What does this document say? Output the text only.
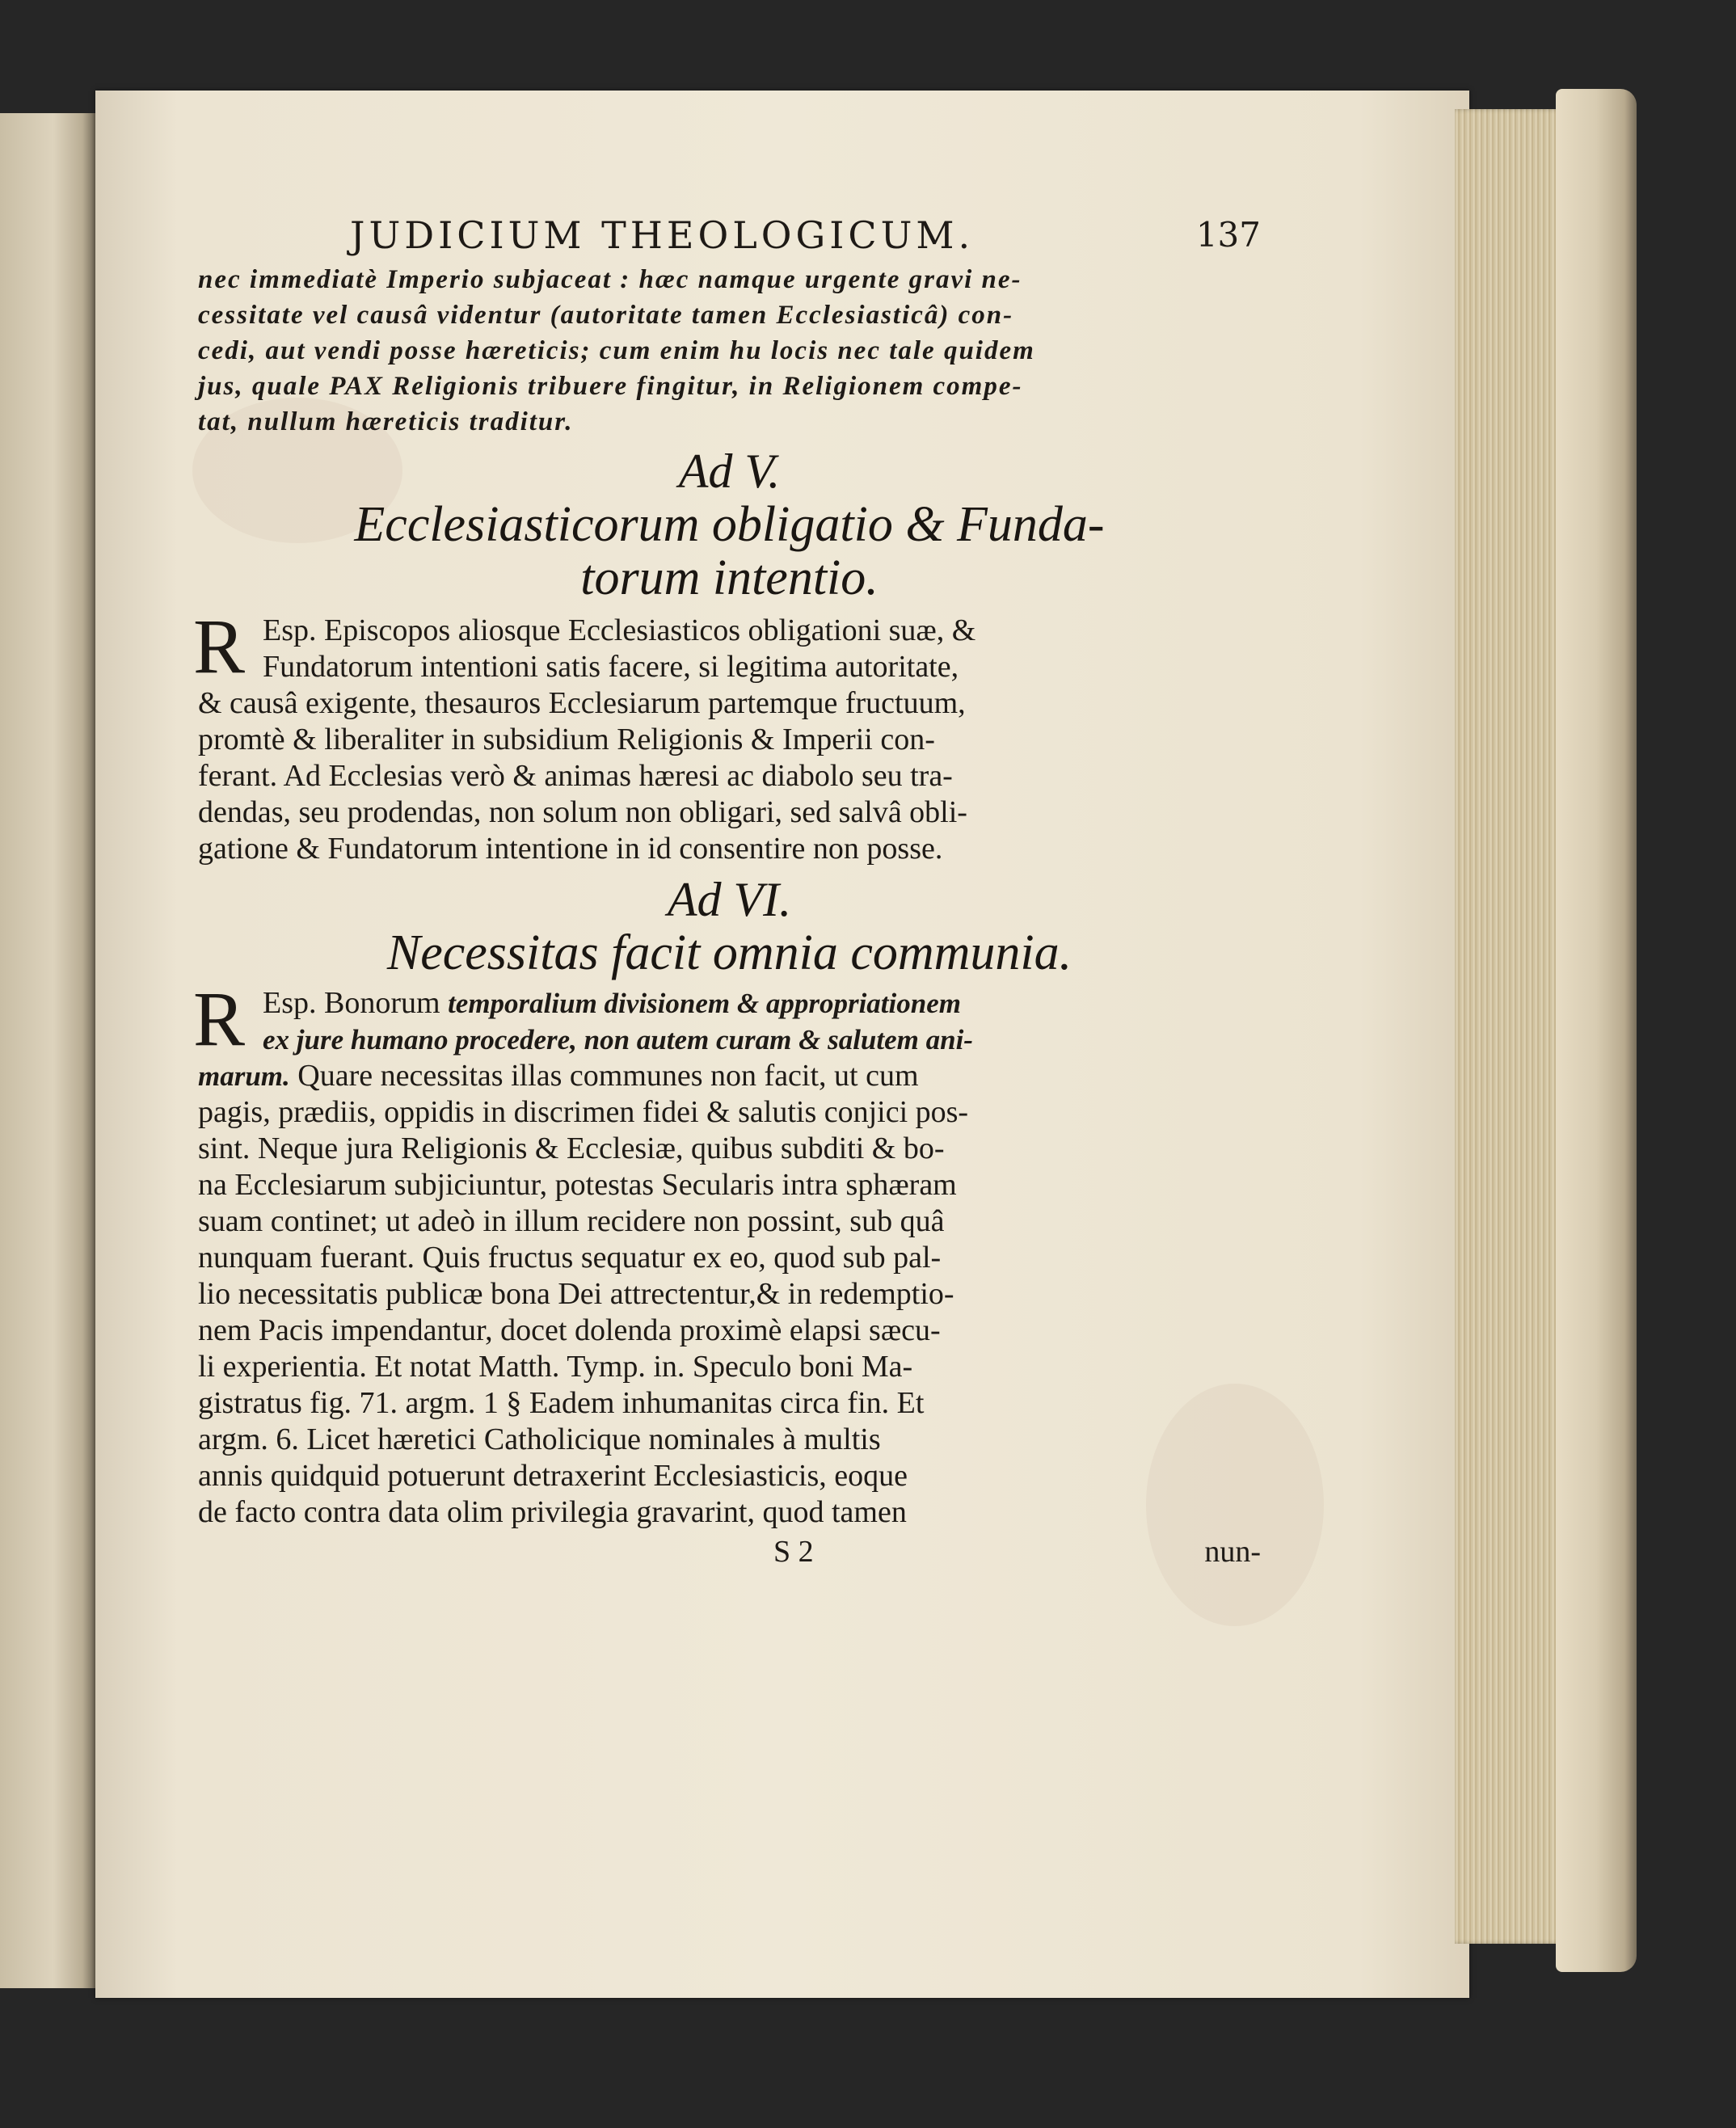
JUDICIUM THEOLOGICUM.	137
nec immediatè Imperio subjaceat : hæc namque urgente gravi ne-
cessitate vel causâ videntur (autoritate tamen Ecclesiasticâ) con-
cedi, aut vendi posse hæreticis; cum enim hu locis nec tale quidem
jus, quale PAX Religionis tribuere fingitur, in Religionem compe-
tat, nullum hæreticis traditur.
Ad V.
Ecclesiasticorum obligatio & Funda-
torum intentio.
R Esp. Episcopos aliosque Ecclesiasticos obligationi suæ, &
Fundatorum intentioni satis facere, si legitima autoritate,
& causâ exigente, thesauros Ecclesiarum partemque fructuum,
promtè & liberaliter in subsidium Religionis & Imperii con-
ferant. Ad Ecclesias verò & animas hæresi ac diabolo seu tra-
dendas, seu prodendas, non solum non obligari, sed salvâ obli-
gatione & Fundatorum intentione in id consentire non posse.
Ad VI.
Necessitas facit omnia communia.
R Esp. Bonorum temporalium divisionem & appropriationem
ex jure humano procedere, non autem curam & salutem ani-
marum. Quare necessitas illas communes non facit, ut cum
pagis, prædiis, oppidis in discrimen fidei & salutis conjici pos-
sint. Neque jura Religionis & Ecclesiæ, quibus subditi & bo-
na Ecclesiarum subjiciuntur, potestas Secularis intra sphæram
suam continet; ut adeò in illum recidere non possint, sub quâ
nunquam fuerant. Quis fructus sequatur ex eo, quod sub pal-
lio necessitatis publicæ bona Dei attrectentur,& in redemptio-
nem Pacis impendantur, docet dolenda proximè elapsi sæcu-
li experientia. Et notat Matth. Tymp. in. Speculo boni Ma-
gistratus fig. 71. argm. 1 § Eadem inhumanitas circa fin. Et
argm. 6. Licet hæretici Catholicique nominales à multis
annis quidquid potuerunt detraxerint Ecclesiasticis, eoque
de facto contra data olim privilegia gravarint, quod tamen
S 2	nun-
